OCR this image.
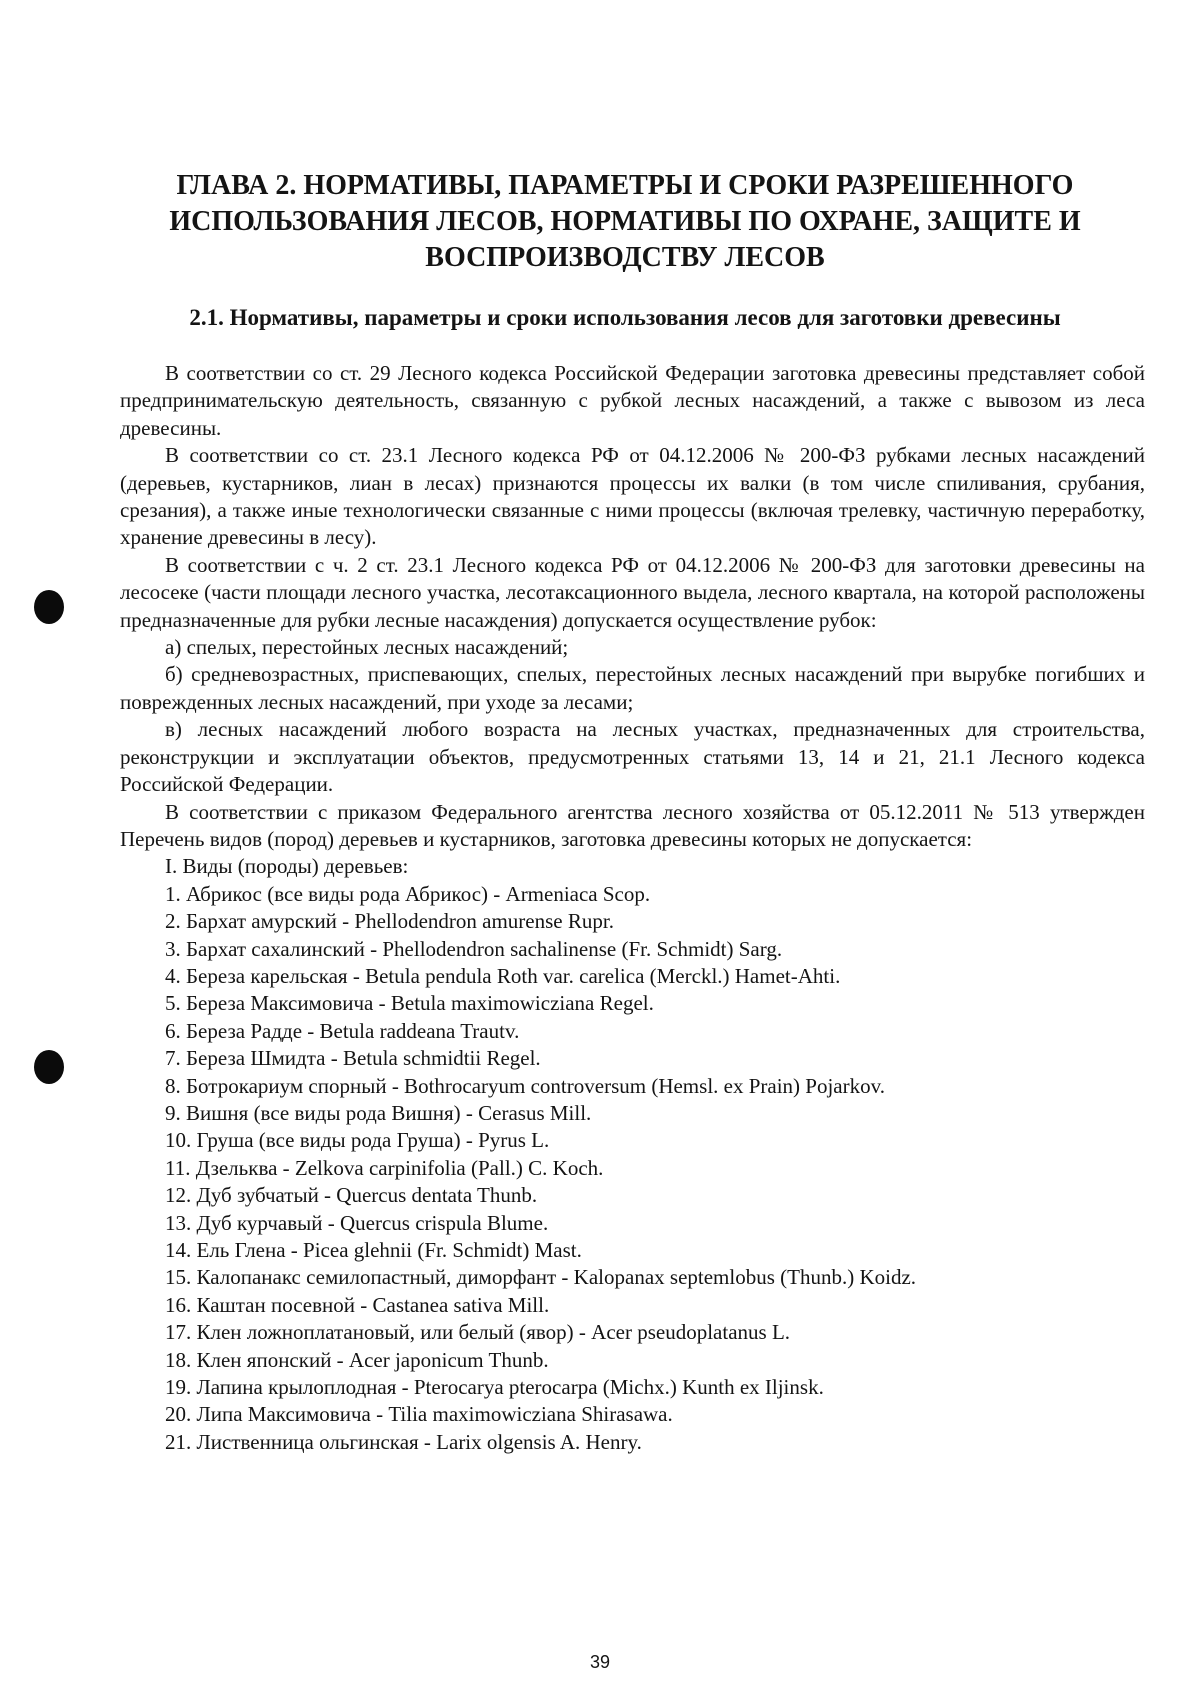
ГЛАВА 2. НОРМАТИВЫ, ПАРАМЕТРЫ И СРОКИ РАЗРЕШЕННОГО ИСПОЛЬЗОВАНИЯ ЛЕСОВ, НОРМАТИВЫ ПО ОХРАНЕ, ЗАЩИТЕ И ВОСПРОИЗВОДСТВУ ЛЕСОВ
2.1. Нормативы, параметры и сроки использования лесов для заготовки древесины

В соответствии со ст. 29 Лесного кодекса Российской Федерации заготовка древесины представляет собой предпринимательскую деятельность, связанную с рубкой лесных насаждений, а также с вывозом из леса древесины.

В соответствии со ст. 23.1 Лесного кодекса РФ от 04.12.2006 № 200-ФЗ рубками лесных насаждений (деревьев, кустарников, лиан в лесах) признаются процессы их валки (в том числе спиливания, срубания, срезания), а также иные технологически связанные с ними процессы (включая трелевку, частичную переработку, хранение древесины в лесу).

В соответствии с ч. 2 ст. 23.1 Лесного кодекса РФ от 04.12.2006 № 200-ФЗ для заготовки древесины на лесосеке (части площади лесного участка, лесотаксационного выдела, лесного квартала, на которой расположены предназначенные для рубки лесные насаждения) допускается осуществление рубок:

а) спелых, перестойных лесных насаждений;

б) средневозрастных, приспевающих, спелых, перестойных лесных насаждений при вырубке погибших и поврежденных лесных насаждений, при уходе за лесами;

в) лесных насаждений любого возраста на лесных участках, предназначенных для строительства, реконструкции и эксплуатации объектов, предусмотренных статьями 13, 14 и 21, 21.1 Лесного кодекса Российской Федерации.

В соответствии с приказом Федерального агентства лесного хозяйства от 05.12.2011 № 513 утвержден Перечень видов (пород) деревьев и кустарников, заготовка древесины которых не допускается:

I. Виды (породы) деревьев:

1. Абрикос (все виды рода Абрикос) - Armeniaca Scop.

2. Бархат амурский - Phellodendron amurense Rupr.

3. Бархат сахалинский - Phellodendron sachalinense (Fr. Schmidt) Sarg.

4. Береза карельская - Betula pendula Roth var. carelica (Merckl.) Hamet-Ahti.

5. Береза Максимовича - Betula maximowicziana Regel.

6. Береза Радде - Betula raddeana Trautv.

7. Береза Шмидта - Betula schmidtii Regel.

8. Ботрокариум спорный - Bothrocaryum controversum (Hemsl. ex Prain) Pojarkov.

9. Вишня (все виды рода Вишня) - Cerasus Mill.

10. Груша (все виды рода Груша) - Pyrus L.

11. Дзельква - Zelkova carpinifolia (Pall.) C. Koch.

12. Дуб зубчатый - Quercus dentata Thunb.

13. Дуб курчавый - Quercus crispula Blume.

14. Ель Глена - Picea glehnii (Fr. Schmidt) Mast.

15. Калопанакс семилопастный, диморфант - Kalopanax septemlobus (Thunb.) Koidz.

16. Каштан посевной - Castanea sativa Mill.

17. Клен ложноплатановый, или белый (явор) - Acer pseudoplatanus L.

18. Клен японский - Acer japonicum Thunb.

19. Лапина крылоплодная - Pterocarya pterocarpa (Michx.) Kunth ex Iljinsk.

20. Липа Максимовича - Tilia maximowicziana Shirasawa.

21. Лиственница ольгинская - Larix olgensis A. Henry.

39
